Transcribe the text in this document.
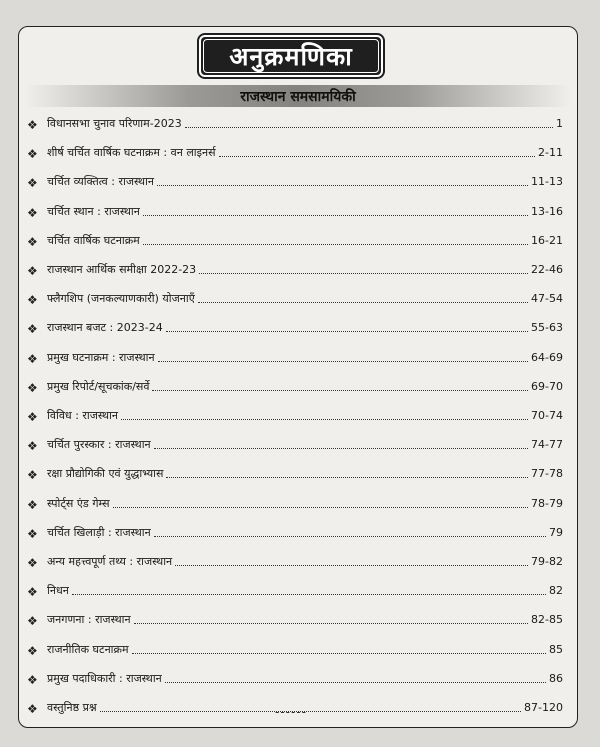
अनुक्रमणिका
राजस्थान समसामयिकी
❖ विधानसभा चुनाव परिणाम-2023	1
❖ शीर्ष चर्चित वार्षिक घटनाक्रम : वन लाइनर्स	2-11
❖ चर्चित व्यक्तित्व : राजस्थान	11-13
❖ चर्चित स्थान : राजस्थान	13-16
❖ चर्चित वार्षिक घटनाक्रम	16-21
❖ राजस्थान आर्थिक समीक्षा 2022-23	22-46
❖ फ्लैगशिप (जनकल्याणकारी) योजनाएँ	47-54
❖ राजस्थान बजट : 2023-24	55-63
❖ प्रमुख घटनाक्रम : राजस्थान	64-69
❖ प्रमुख रिपोर्ट/सूचकांक/सर्वे	69-70
❖ विविध : राजस्थान	70-74
❖ चर्चित पुरस्कार : राजस्थान	74-77
❖ रक्षा प्रौद्योगिकी एवं युद्धाभ्यास	77-78
❖ स्पोर्ट्स एंड गेम्स	78-79
❖ चर्चित खिलाड़ी : राजस्थान	79
❖ अन्य महत्त्वपूर्ण तथ्य : राजस्थान	79-82
❖ निधन	82
❖ जनगणना : राजस्थान	82-85
❖ राजनीतिक घटनाक्रम	85
❖ प्रमुख पदाधिकारी : राजस्थान	86
❖ वस्तुनिष्ठ प्रश्न	87-120
------
